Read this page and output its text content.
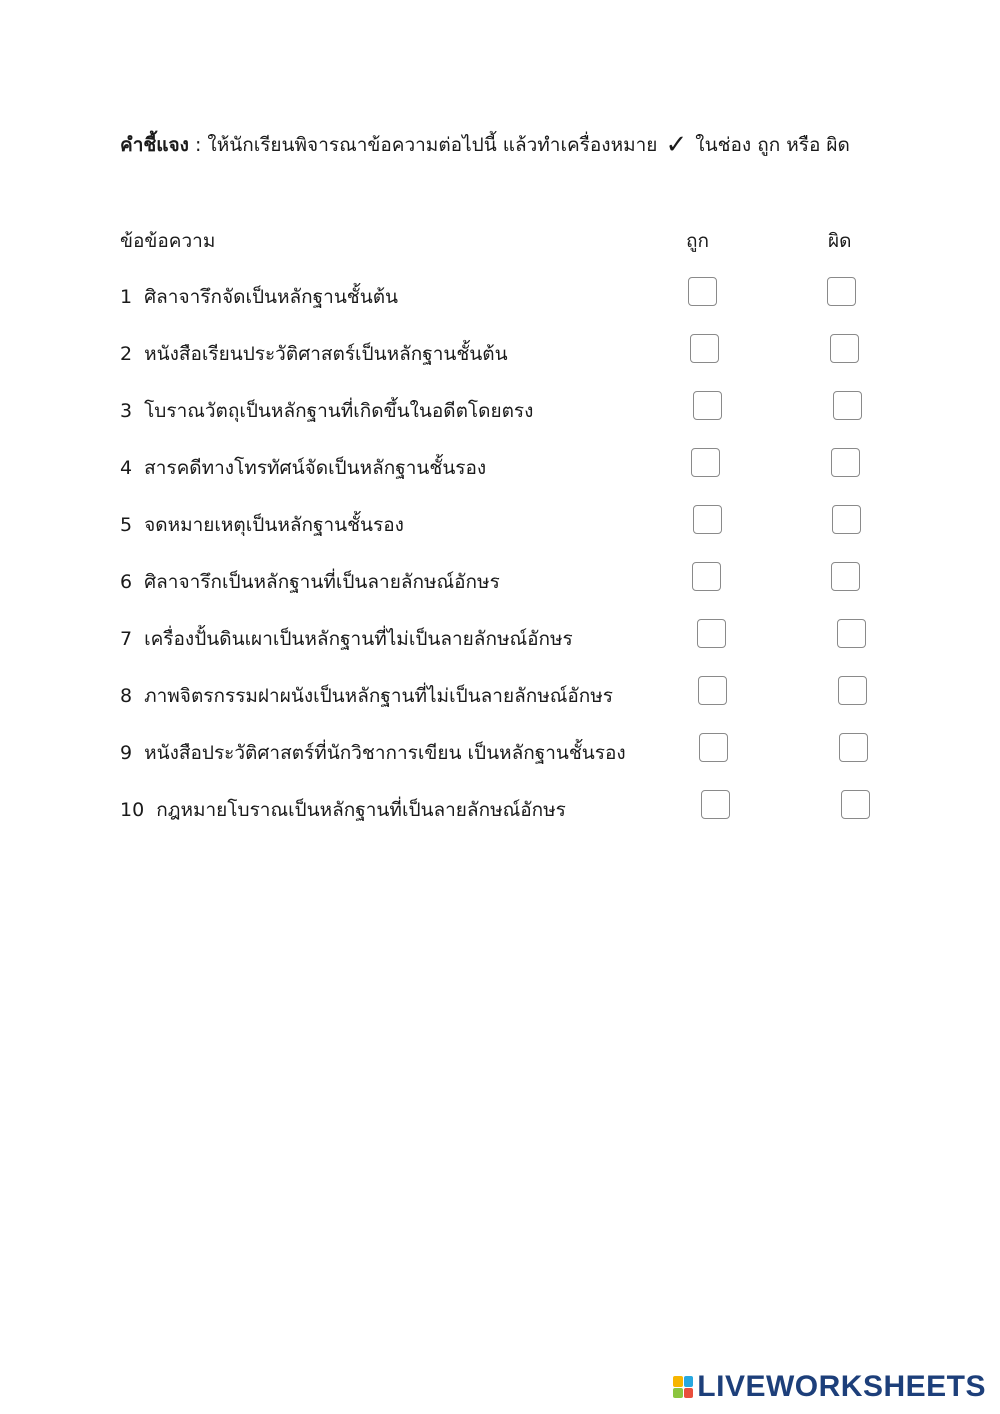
คำชี้แจง : ให้นักเรียนพิจารณาข้อความต่อไปนี้ แล้วทำเครื่องหมาย ✓ ในช่อง ถูก หรือ ผิด
ข้อข้อความ	ถูก	ผิด
1 ศิลาจารึกจัดเป็นหลักฐานชั้นต้น
2 หนังสือเรียนประวัติศาสตร์เป็นหลักฐานชั้นต้น
3 โบราณวัตถุเป็นหลักฐานที่เกิดขึ้นในอดีตโดยตรง
4 สารคดีทางโทรทัศน์จัดเป็นหลักฐานชั้นรอง
5 จดหมายเหตุเป็นหลักฐานชั้นรอง
6 ศิลาจารึกเป็นหลักฐานที่เป็นลายลักษณ์อักษร
7 เครื่องปั้นดินเผาเป็นหลักฐานที่ไม่เป็นลายลักษณ์อักษร
8 ภาพจิตรกรรมฝาผนังเป็นหลักฐานที่ไม่เป็นลายลักษณ์อักษร
9 หนังสือประวัติศาสตร์ที่นักวิชาการเขียน เป็นหลักฐานชั้นรอง
10 กฎหมายโบราณเป็นหลักฐานที่เป็นลายลักษณ์อักษร
LIVEWORKSHEETS
